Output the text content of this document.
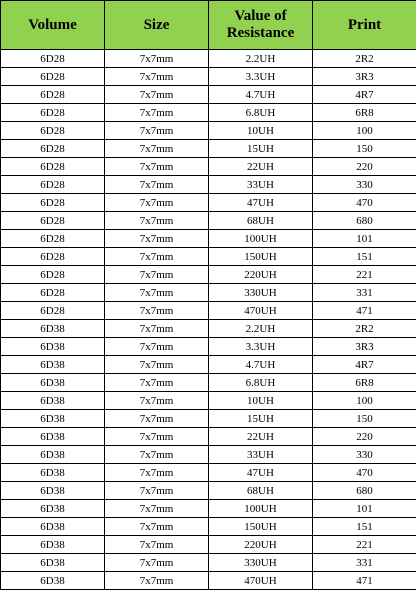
Volume	Size	Value of Resistance	Print
6D28	7x7mm	2.2UH	2R2
6D28	7x7mm	3.3UH	3R3
6D28	7x7mm	4.7UH	4R7
6D28	7x7mm	6.8UH	6R8
6D28	7x7mm	10UH	100
6D28	7x7mm	15UH	150
6D28	7x7mm	22UH	220
6D28	7x7mm	33UH	330
6D28	7x7mm	47UH	470
6D28	7x7mm	68UH	680
6D28	7x7mm	100UH	101
6D28	7x7mm	150UH	151
6D28	7x7mm	220UH	221
6D28	7x7mm	330UH	331
6D28	7x7mm	470UH	471
6D38	7x7mm	2.2UH	2R2
6D38	7x7mm	3.3UH	3R3
6D38	7x7mm	4.7UH	4R7
6D38	7x7mm	6.8UH	6R8
6D38	7x7mm	10UH	100
6D38	7x7mm	15UH	150
6D38	7x7mm	22UH	220
6D38	7x7mm	33UH	330
6D38	7x7mm	47UH	470
6D38	7x7mm	68UH	680
6D38	7x7mm	100UH	101
6D38	7x7mm	150UH	151
6D38	7x7mm	220UH	221
6D38	7x7mm	330UH	331
6D38	7x7mm	470UH	471
